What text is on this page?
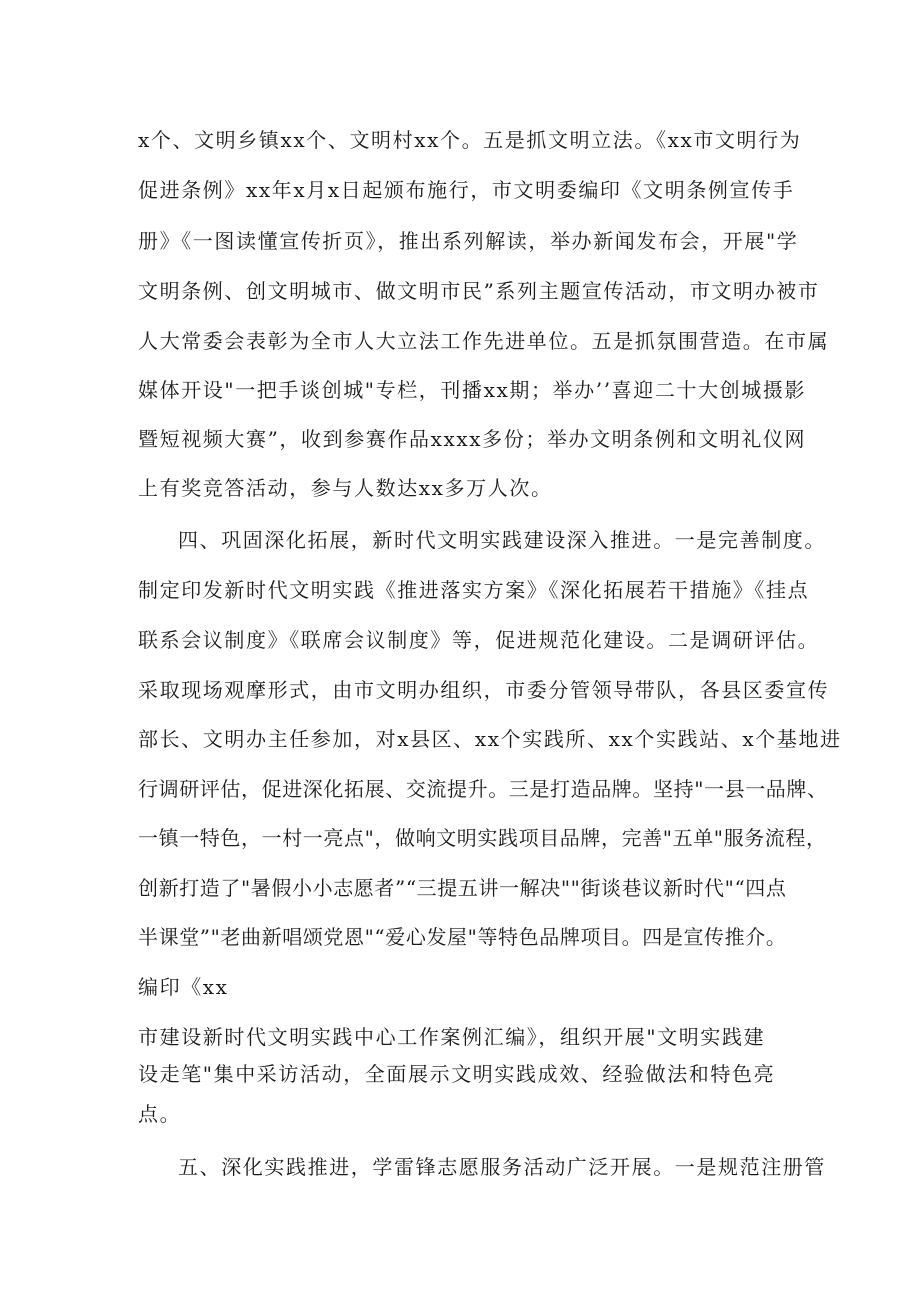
x个、文明乡镇xx个、文明村xx个。五是抓文明立法。《xx市文明行为
促进条例》xx年x月x日起颁布施行，市文明委编印《文明条例宣传手
册》《一图读懂宣传折页》，推出系列解读，举办新闻发布会，开展"学
文明条例、创文明城市、做文明市民”系列主题宣传活动，市文明办被市
人大常委会表彰为全市人大立法工作先进单位。五是抓氛围营造。在市属
媒体开设"一把手谈创城"专栏，刊播xx期；举办’’喜迎二十大创城摄影
暨短视频大赛”，收到参赛作品xxxx多份；举办文明条例和文明礼仪网
上有奖竞答活动，参与人数达xx多万人次。
四、巩固深化拓展，新时代文明实践建设深入推进。一是完善制度。
制定印发新时代文明实践《推进落实方案》《深化拓展若干措施》《挂点
联系会议制度》《联席会议制度》等，促进规范化建设。二是调研评估。
采取现场观摩形式，由市文明办组织，市委分管领导带队，各县区委宣传
部长、文明办主任参加，对x县区、xx个实践所、xx个实践站、x个基地进
行调研评估，促进深化拓展、交流提升。三是打造品牌。坚持"一县一品牌、
一镇一特色，一村一亮点"，做响文明实践项目品牌，完善"五单"服务流程，
创新打造了"暑假小小志愿者”“三提五讲一解决""街谈巷议新时代"“四点
半课堂”"老曲新唱颂党恩"“爱心发屋"等特色品牌项目。四是宣传推介。
编印《xx
市建设新时代文明实践中心工作案例汇编》，组织开展"文明实践建
设走笔"集中采访活动，全面展示文明实践成效、经验做法和特色亮
点。
五、深化实践推进，学雷锋志愿服务活动广泛开展。一是规范注册管
